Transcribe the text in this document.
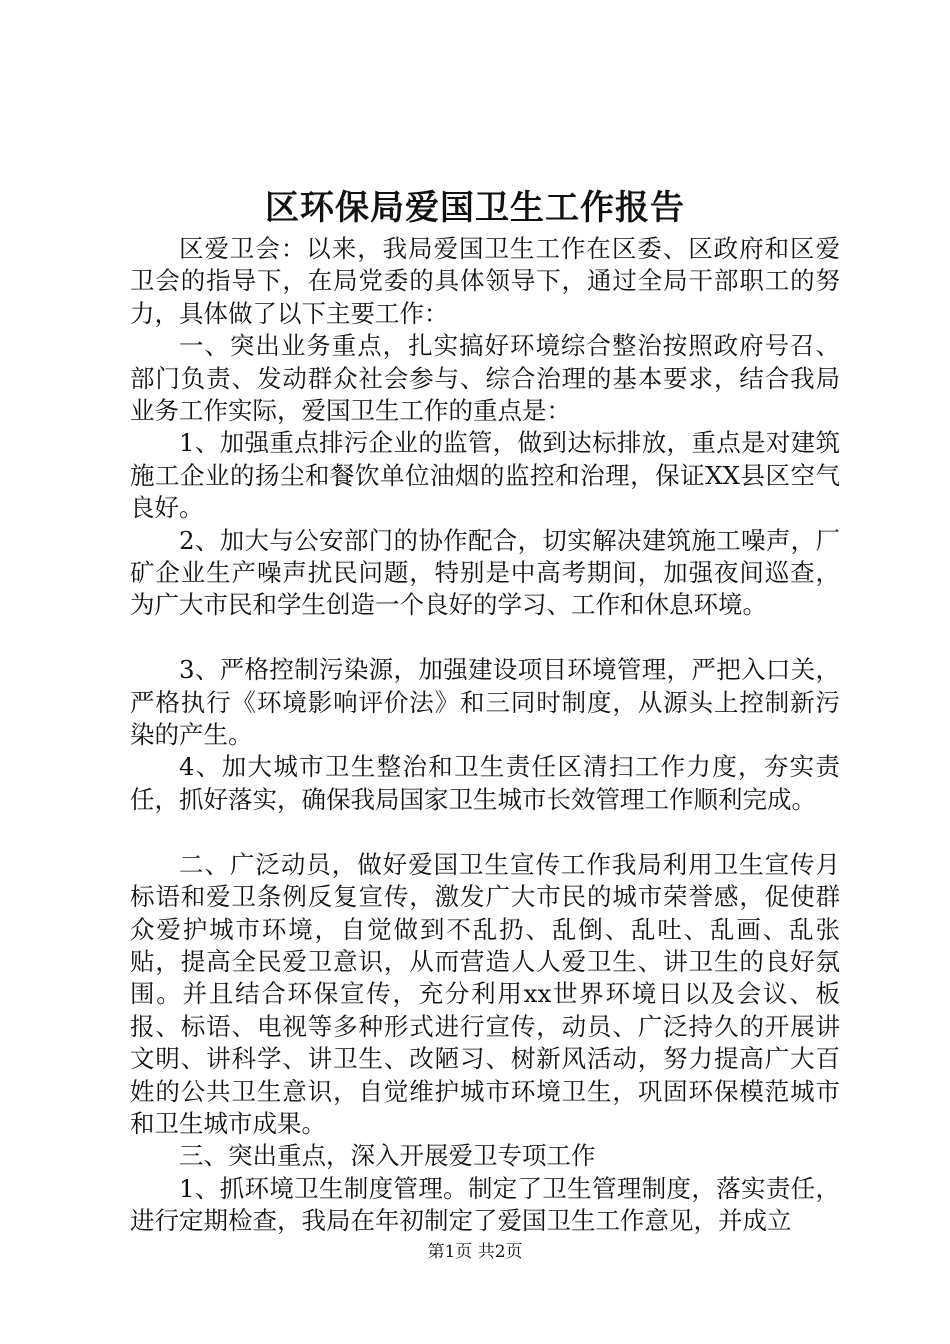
区环保局爱国卫生工作报告

区爱卫会：以来，我局爱国卫生工作在区委、区政府和区爱卫会的指导下，在局党委的具体领导下，通过全局干部职工的努力，具体做了以下主要工作：

一、突出业务重点，扎实搞好环境综合整治按照政府号召、部门负责、发动群众社会参与、综合治理的基本要求，结合我局业务工作实际，爱国卫生工作的重点是：

1、加强重点排污企业的监管，做到达标排放，重点是对建筑施工企业的扬尘和餐饮单位油烟的监控和治理，保证XX县区空气良好。

2、加大与公安部门的协作配合，切实解决建筑施工噪声，厂矿企业生产噪声扰民问题，特别是中高考期间，加强夜间巡查，为广大市民和学生创造一个良好的学习、工作和休息环境。

3、严格控制污染源，加强建设项目环境管理，严把入口关，严格执行《环境影响评价法》和三同时制度，从源头上控制新污染的产生。

4、加大城市卫生整治和卫生责任区清扫工作力度，夯实责任，抓好落实，确保我局国家卫生城市长效管理工作顺利完成。

二、广泛动员，做好爱国卫生宣传工作我局利用卫生宣传月标语和爱卫条例反复宣传，激发广大市民的城市荣誉感，促使群众爱护城市环境，自觉做到不乱扔、乱倒、乱吐、乱画、乱张贴，提高全民爱卫意识，从而营造人人爱卫生、讲卫生的良好氛围。并且结合环保宣传，充分利用xx世界环境日以及会议、板报、标语、电视等多种形式进行宣传，动员、广泛持久的开展讲文明、讲科学、讲卫生、改陋习、树新风活动，努力提高广大百姓的公共卫生意识，自觉维护城市环境卫生，巩固环保模范城市和卫生城市成果。

三、突出重点，深入开展爱卫专项工作

1、抓环境卫生制度管理。制定了卫生管理制度，落实责任，进行定期检查，我局在年初制定了爱国卫生工作意见，并成立

第1页 共2页
